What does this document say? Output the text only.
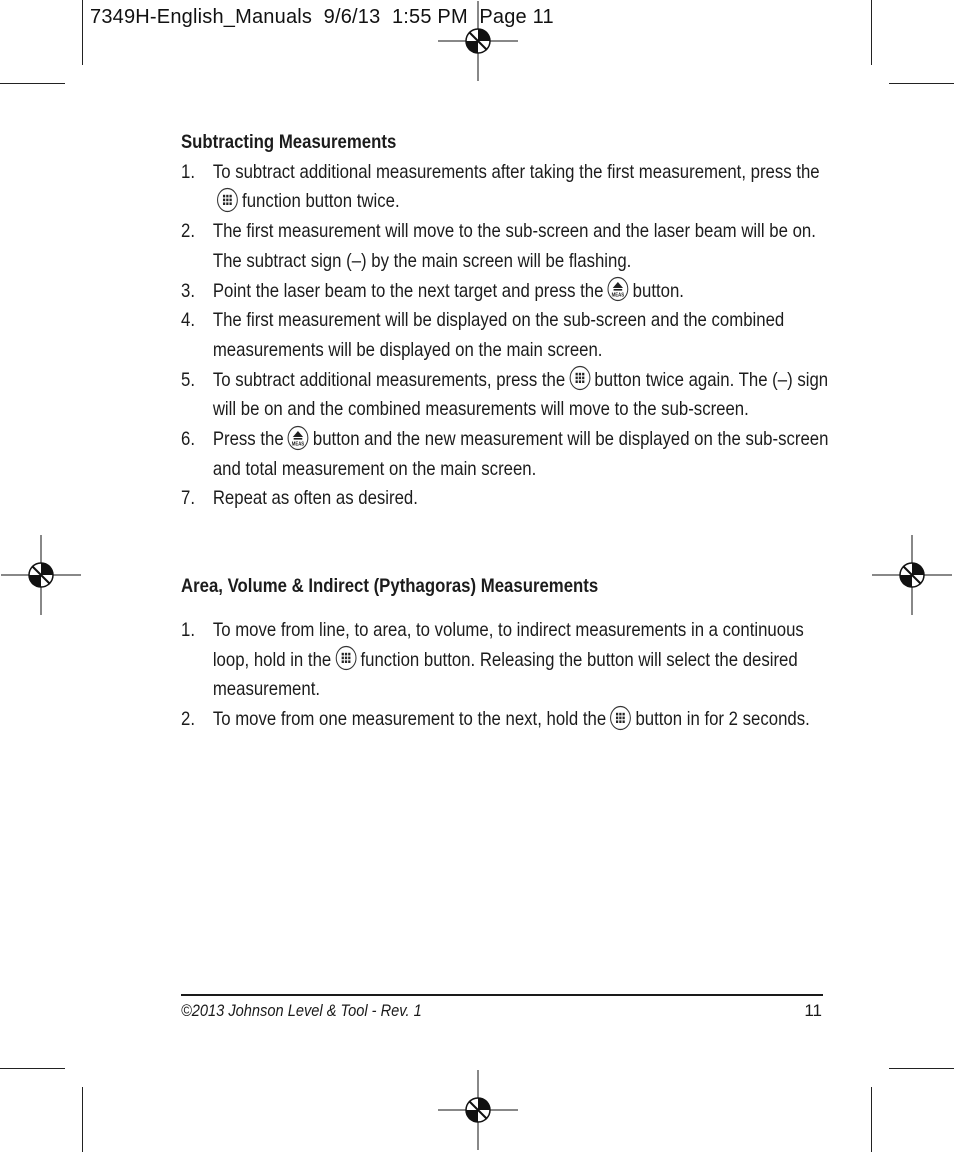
7349H-English_Manuals  9/6/13  1:55 PM  Page 11

Subtracting Measurements

1. To subtract additional measurements after taking the first measurement, press thefunction button twice.
2. The first measurement will move to the sub-screen and the laser beam will be on. The subtract sign (–) by the main screen will be flashing.
3. Point the laser beam to the next target and press the MEAS button.
4. The first measurement will be displayed on the sub-screen and the combined measurements will be displayed on the main screen.
5. To subtract additional measurements, press the button twice again. The (–) sign will be on and the combined measurements will move to the sub-screen.
6. Press the MEAS button and the new measurement will be displayed on the sub-screen and total measurement on the main screen.
7. Repeat as often as desired.

Area, Volume & Indirect (Pythagoras) Measurements

1. To move from line, to area, to volume, to indirect measurements in a continuous loop, hold in the function button. Releasing the button will select the desired measurement.
2. To move from one measurement to the next, hold the button in for 2 seconds.
©2013 Johnson Level & Tool - Rev. 1	11
